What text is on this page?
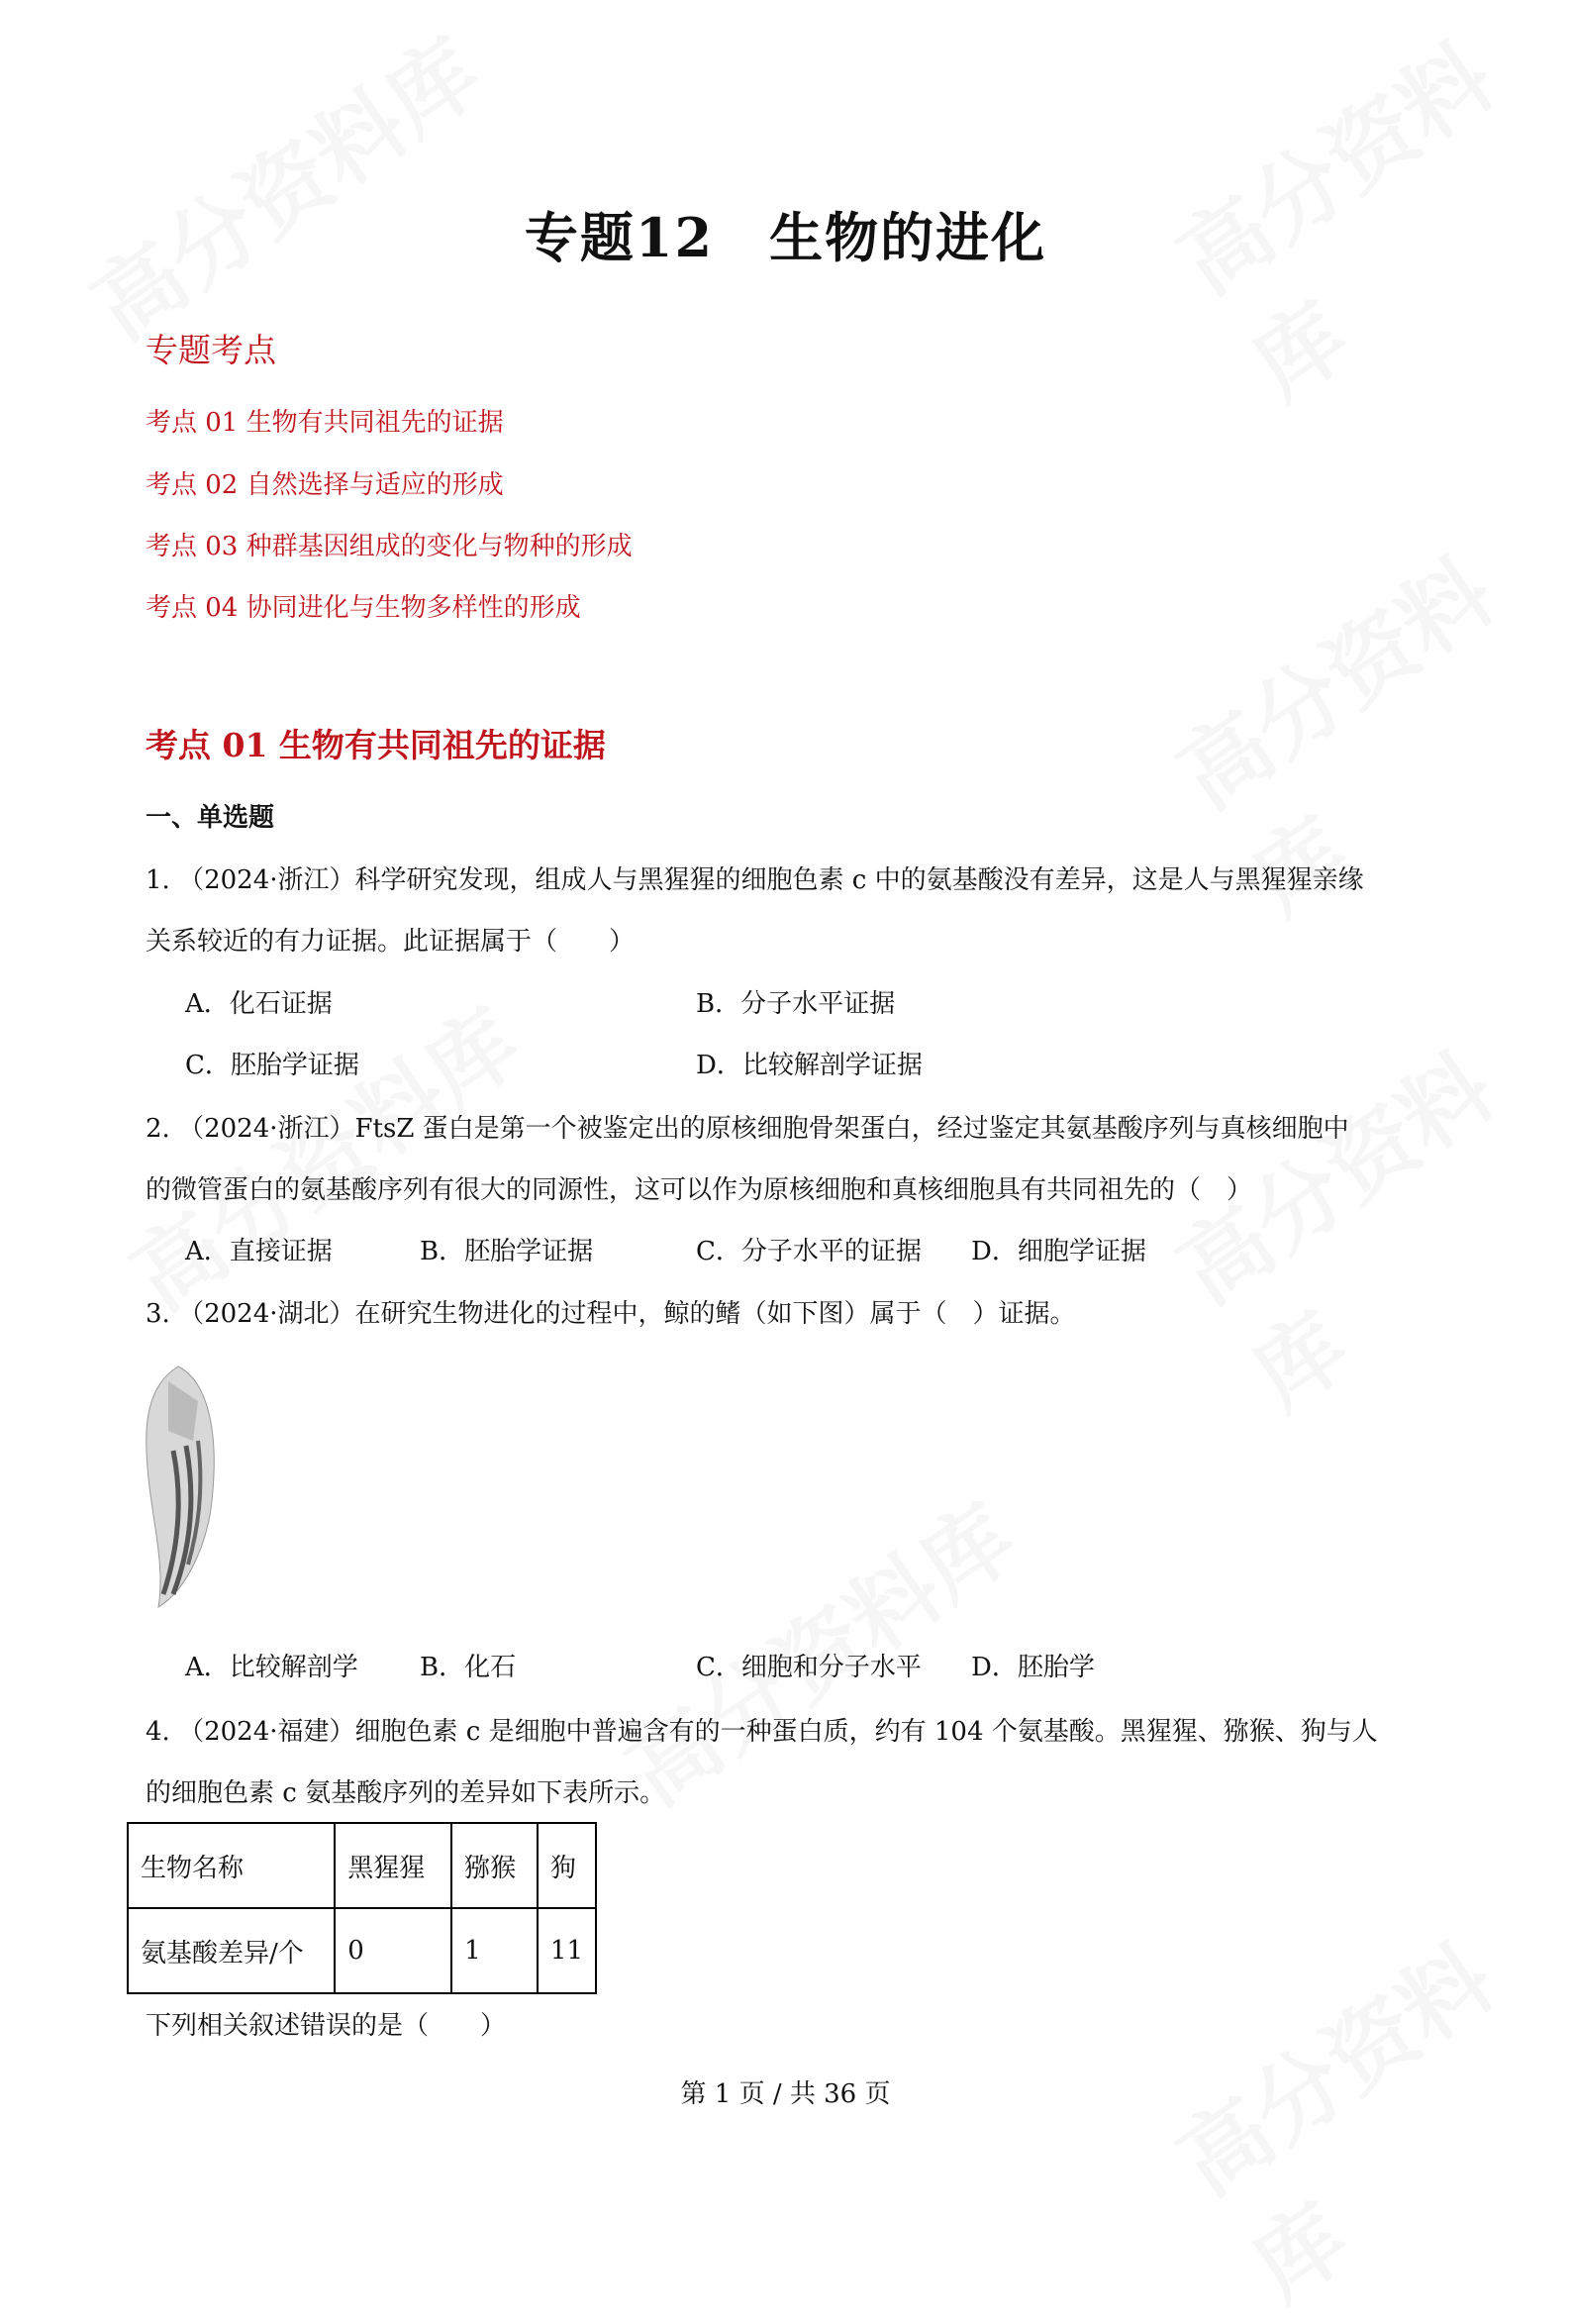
专题12　生物的进化
专题考点
考点 01 生物有共同祖先的证据
考点 02 自然选择与适应的形成
考点 03 种群基因组成的变化与物种的形成
考点 04 协同进化与生物多样性的形成
考点 01 生物有共同祖先的证据
一、单选题
1. （2024·浙江）科学研究发现，组成人与黑猩猩的细胞色素 c 中的氨基酸没有差异，这是人与黑猩猩亲缘
关系较近的有力证据。此证据属于（　　）
A．化石证据	B．分子水平证据
C．胚胎学证据	D．比较解剖学证据
2. （2024·浙江）FtsZ 蛋白是第一个被鉴定出的原核细胞骨架蛋白，经过鉴定其氨基酸序列与真核细胞中
的微管蛋白的氨基酸序列有很大的同源性，这可以作为原核细胞和真核细胞具有共同祖先的（　）
A．直接证据	B．胚胎学证据	C．分子水平的证据 D．细胞学证据
3. （2024·湖北）在研究生物进化的过程中，鲸的鳍（如下图）属于（　）证据。
A．比较解剖学 B．化石	C．细胞和分子水平 D．胚胎学
4. （2024·福建）细胞色素 c 是细胞中普遍含有的一种蛋白质，约有 104 个氨基酸。黑猩猩、猕猴、狗与人
的细胞色素 c 氨基酸序列的差异如下表所示。
生物名称	黑猩猩	猕猴	狗
氨基酸差异/个	0	1	11
下列相关叙述错误的是（　　）
第 1 页 / 共 36 页
